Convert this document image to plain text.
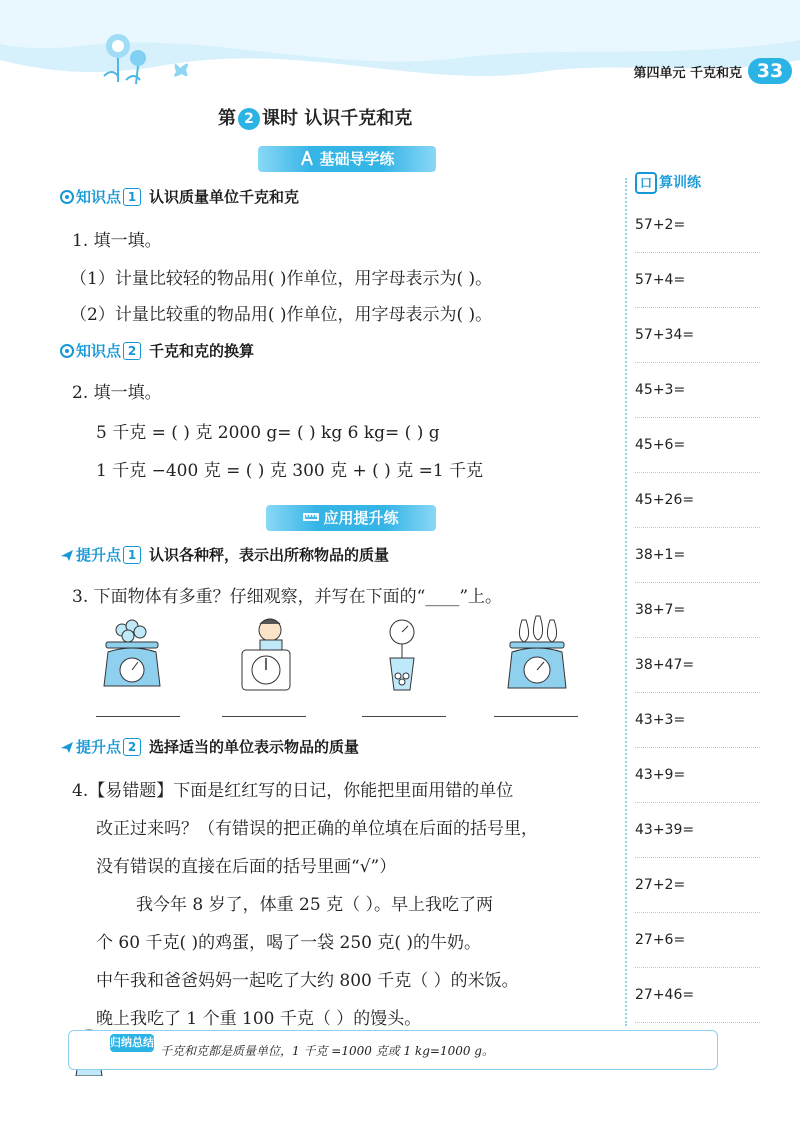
第四单元 千克和克 33
第 2 课时 认识千克和克
基础导学练
知识点 1 认识质量单位千克和克
1. 填一填。
（1）计量比较轻的物品用( )作单位，用字母表示为( )。
（2）计量比较重的物品用( )作单位，用字母表示为( )。
知识点 2 千克和克的换算
2. 填一填。
5 千克 = ( ) 克 2000 g= ( ) kg 6 kg= ( ) g
1 千克 −400 克 = ( ) 克 300 克 + ( ) 克 =1 千克
应用提升练
提升点 1 认识各种秤，表示出所称物品的质量
3. 下面物体有多重？仔细观察，并写在下面的“____”上。
提升点 2 选择适当的单位表示物品的质量
4.【易错题】下面是红红写的日记，你能把里面用错的单位
改正过来吗？（有错误的把正确的单位填在后面的括号里，
没有错误的直接在后面的括号里画“√”）
我今年 8 岁了，体重 25 克（ ）。早上我吃了两
个 60 千克( )的鸡蛋，喝了一袋 250 克( )的牛奶。
中午我和爸爸妈妈一起吃了大约 800 千克（ ）的米饭。
晚上我吃了 1 个重 100 千克（ ）的馒头。
口 算训练
57+2=
57+4=
57+34=
45+3=
45+6=
45+26=
38+1=
38+7=
38+47=
43+3=
43+9=
43+39=
27+2=
27+6=
27+46=
归纳总结
千克和克都是质量单位，1 千克 =1000 克或 1 kg=1000 g。
